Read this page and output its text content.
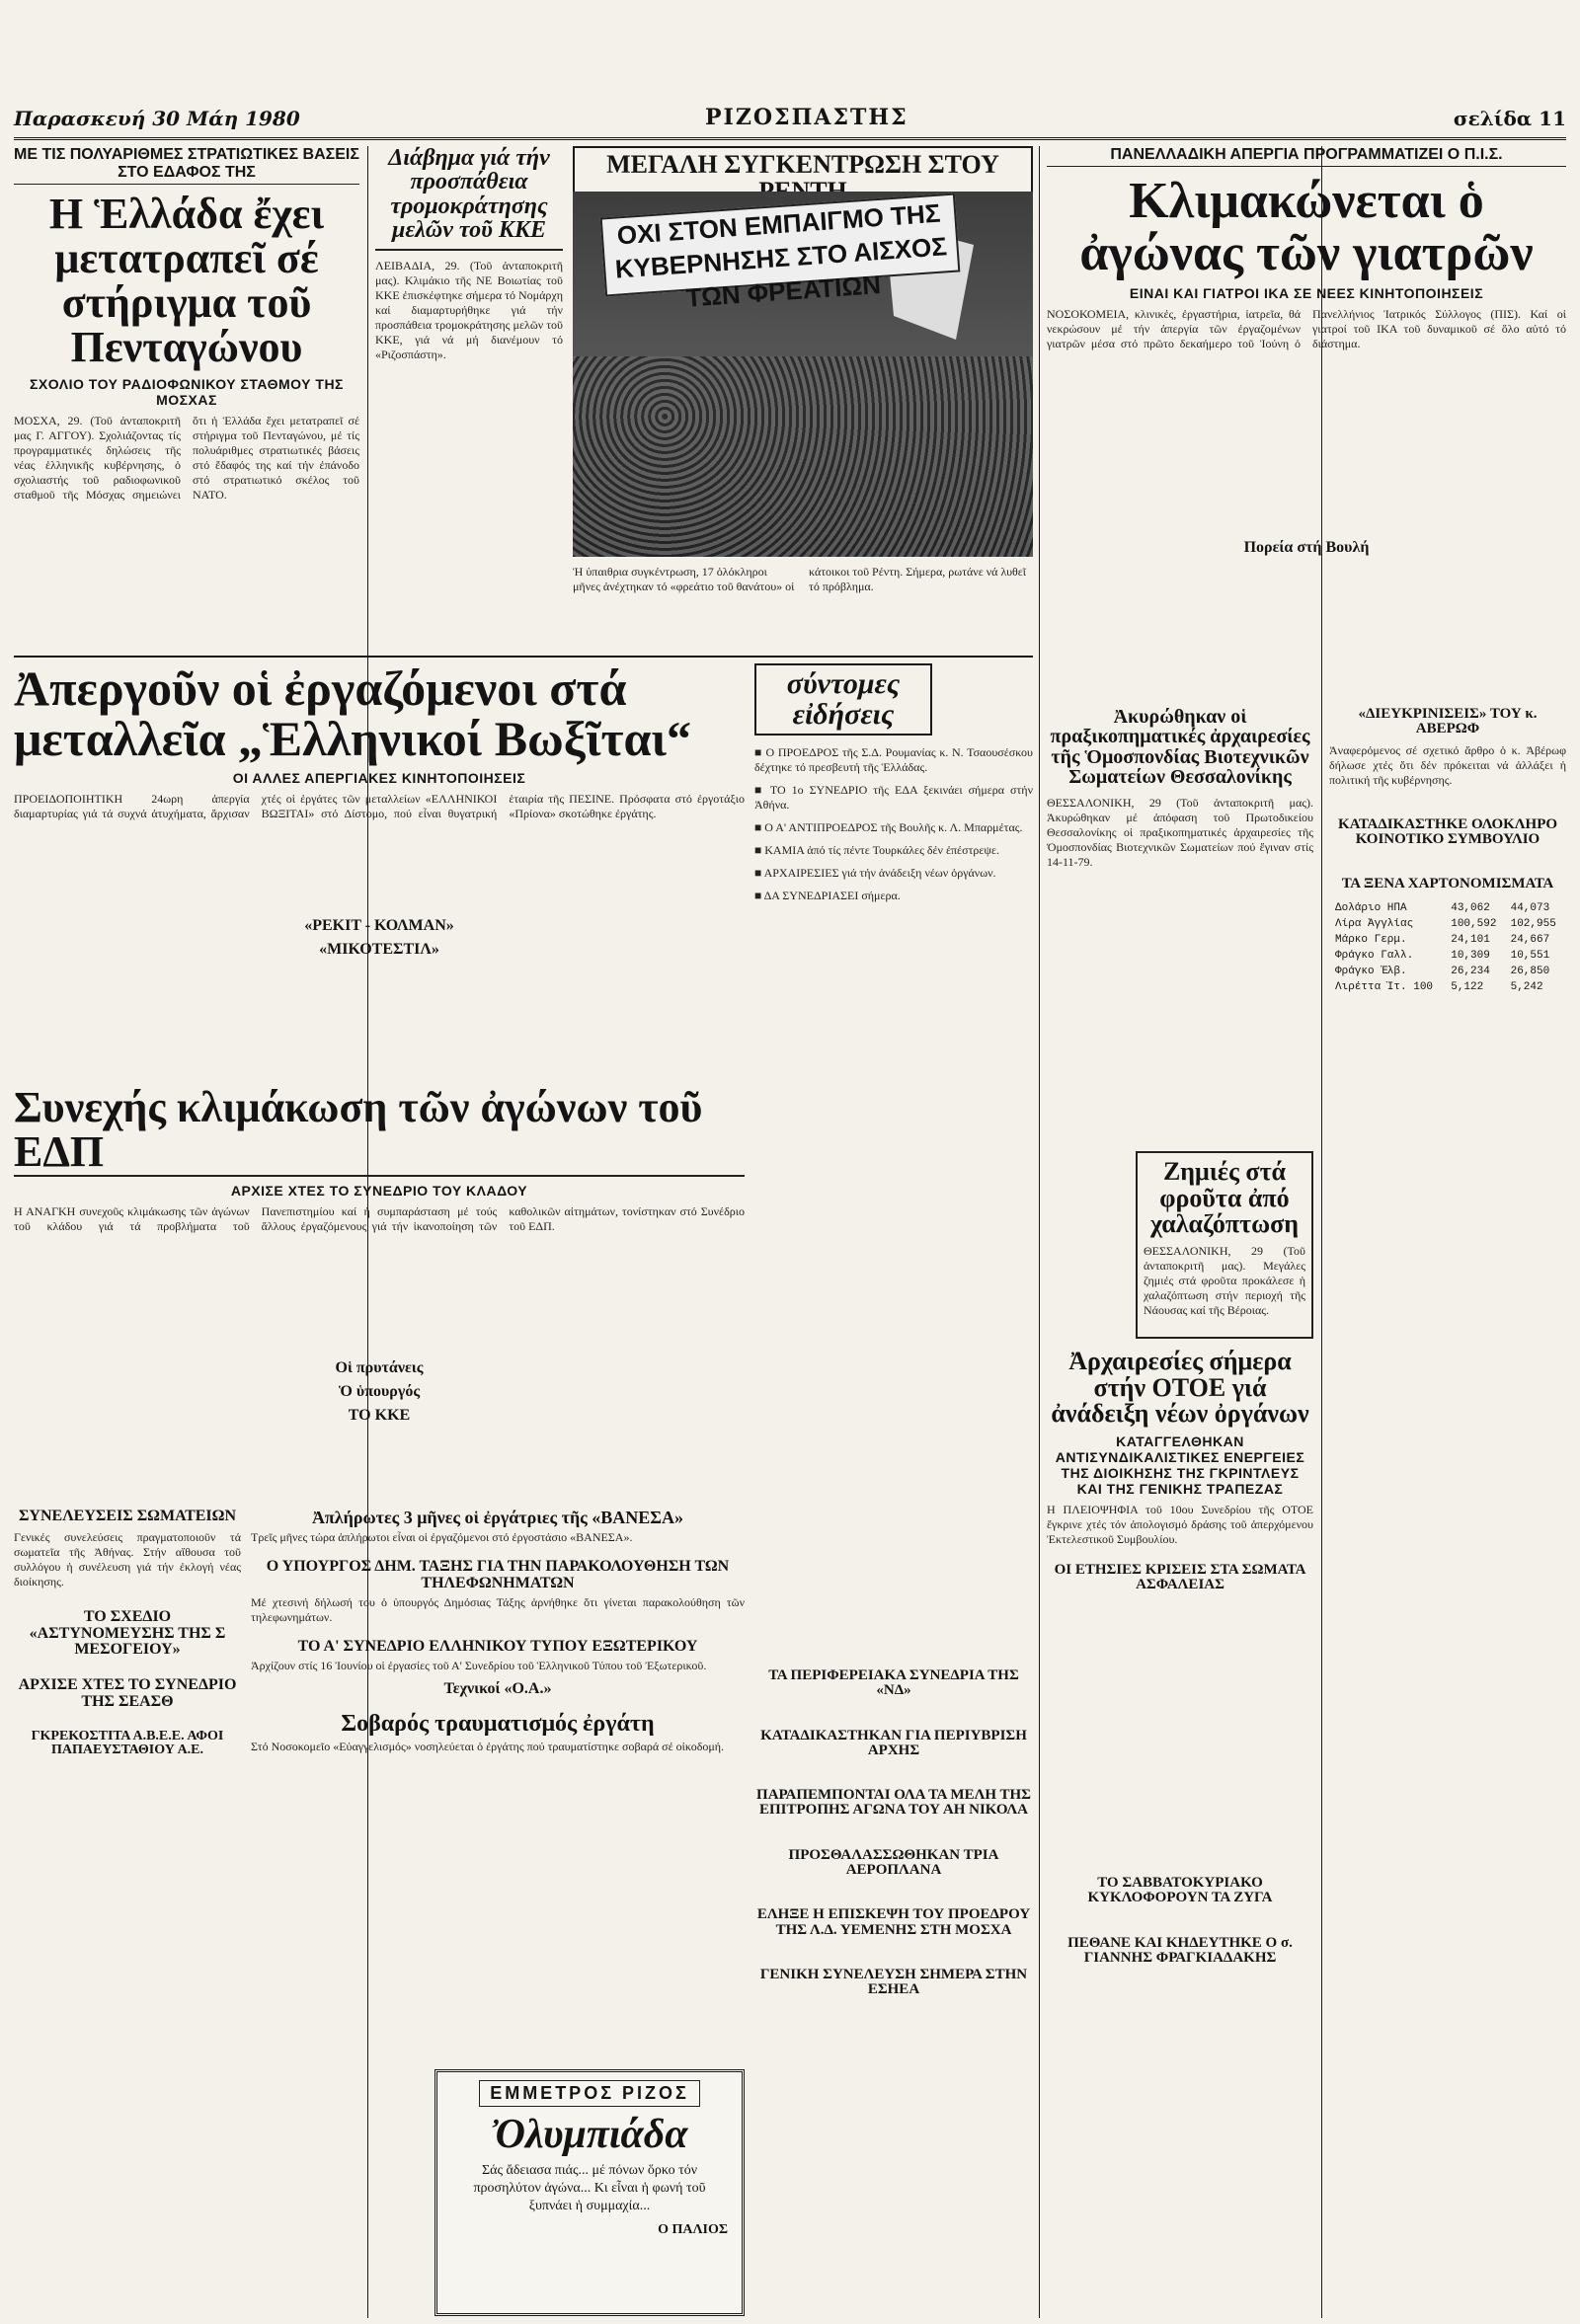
Παρασκευή 30 Μάη 1980	ΡΙΖΟΣΠΑΣΤΗΣ	σελίδα 11
ΜΕ ΤΙΣ ΠΟΛΥΑΡΙΘΜΕΣ ΣΤΡΑΤΙΩΤΙΚΕΣ ΒΑΣΕΙΣ ΣΤΟ ΕΔΑΦΟΣ ΤΗΣ
Η Ἑλλάδα ἔχει μετατραπεῖ σέ στήριγμα τοῦ Πενταγώνου
ΣΧΟΛΙΟ ΤΟΥ ΡΑΔΙΟΦΩΝΙΚΟΥ ΣΤΑΘΜΟΥ ΤΗΣ ΜΟΣΧΑΣ
ΜΟΣΧΑ, 29. (Τοῦ ἀνταποκριτῆ μας Γ. ΑΓΓΟΥ). Σχολιάζοντας τίς προγραμματικές δηλώσεις τῆς νέας ἑλληνικῆς κυβέρνησης, ὁ σχολιαστής τοῦ ραδιοφωνικοῦ σταθμοῦ τῆς Μόσχας σημειώνει ὅτι ἡ Ἑλλάδα ἔχει μετατραπεῖ σέ στήριγμα τοῦ Πενταγώνου, μέ τίς πολυάριθμες στρατιωτικές βάσεις στό ἔδαφός της καί τήν ἐπάνοδο στό στρατιωτικό σκέλος τοῦ ΝΑΤΟ.
Διάβημα γιά τήν προσπάθεια τρομοκράτησης μελῶν τοῦ ΚΚΕ
ΛΕΙΒΑΔΙΑ, 29. (Τοῦ ἀνταποκριτῆ μας). Κλιμάκιο τῆς ΝΕ Βοιωτίας τοῦ ΚΚΕ ἐπισκέφτηκε σήμερα τό Νομάρχη καί διαμαρτυρήθηκε γιά τήν προσπάθεια τρομοκράτησης μελῶν τοῦ ΚΚΕ, γιά νά μή διανέμουν τό «Ριζοσπάστη».
ΜΕΓΑΛΗ ΣΥΓΚΕΝΤΡΩΣΗ ΣΤΟΥ
ΟΧΙ ΣΤΟΝ ΕΜΠΑΙΓΜΟ ΤΗΣ ΚΥΒΕΡΝΗΣΗΣ ΣΤΟ ΑΙΣΧΟΣ ΤΩΝ ΦΡΕΑΤΙΩΝ
Ἡ ὑπαιθρια συγκέντρωση, 17 ὁλόκληροι μῆνες ἀνέχτηκαν τό «φρεάτιο τοῦ θανάτου» οἱ κάτοικοι τοῦ Ρέντη. Σήμερα, ρωτάνε νά λυθεῖ τό πρόβλημα.
ΠΑΝΕΛΛΑΔΙΚΗ ΑΠΕΡΓΙΑ ΠΡΟΓΡΑΜΜΑΤΙΖΕΙ Ο Π.Ι.Σ.
Κλιμακώνεται ὁ ἀγώνας τῶν γιατρῶν
ΕΙΝΑΙ ΚΑΙ ΓΙΑΤΡΟΙ ΙΚΑ ΣΕ ΝΕΕΣ ΚΙΝΗΤΟΠΟΙΗΣΕΙΣ
ΝΟΣΟΚΟΜΕΙΑ, κλινικές, ἐργαστήρια, ἰατρεῖα, θά νεκρώσουν μέ τήν ἀπεργία τῶν ἐργαζομένων γιατρῶν μέσα στό πρῶτο δεκαήμερο τοῦ Ἰούνη ὁ Πανελλήνιος Ἰατρικός Σύλλογος (ΠΙΣ). Καί οἱ γιατροί τοῦ ΙΚΑ τοῦ δυναμικοῦ σέ ὅλο αὐτό τό διάστημα.
Πορεία στή Βουλή
Ἀπεργοῦν οἱ ἐργαζόμενοι στά μεταλλεῖα „Ἑλληνικοί Βωξῖται“
ΟΙ ΑΛΛΕΣ ΑΠΕΡΓΙΑΚΕΣ ΚΙΝΗΤΟΠΟΙΗΣΕΙΣ
ΠΡΟΕΙΔΟΠΟΙΗΤΙΚΗ 24ωρη ἀπεργία διαμαρτυρίας γιά τά συχνά ἀτυχήματα, ἄρχισαν χτές οἱ ἐργάτες τῶν μεταλλείων «ΕΛΛΗΝΙΚΟΙ ΒΩΞΙΤΑΙ» στό Δίστομο, πού εἶναι θυγατρική ἑταιρία τῆς ΠΕΣΙΝΕ. Πρόσφατα στό ἐργοτάξιο «Πρίονα» σκοτώθηκε ἐργάτης.
«ΡΕΚΙΤ - ΚΟΛΜΑΝ»
«ΜΙΚΟΤΕΣΤΙΛ»
σύντομες εἰδήσεις
■ Ο ΠΡΟΕΔΡΟΣ τῆς Σ.Δ. Ρουμανίας κ. Ν. Τσαουσέσκου δέχτηκε τό πρεσβευτή τῆς Ἑλλάδας.
■ ΤΟ 1ο ΣΥΝΕΔΡΙΟ τῆς ΕΔΑ ξεκινάει σήμερα στήν Ἀθήνα.
■ Ο Α' ΑΝΤΙΠΡΟΕΔΡΟΣ τῆς Βουλῆς κ. Λ. Μπαρμέτας.
■ ΚΑΜΙΑ ἀπό τίς πέντε Τουρκάλες δέν ἐπέστρεψε.
■ ΑΡΧΑΙΡΕΣΙΕΣ γιά τήν ἀνάδειξη νέων ὀργάνων.
■ ΔΑ ΣΥΝΕΔΡΙΑΣΕΙ σήμερα.
Ἀκυρώθηκαν οἱ πραξικοπηματικές ἀρχαιρεσίες τῆς Ὁμοσπονδίας Βιοτεχνικῶν Σωματείων Θεσσαλονίκης
ΘΕΣΣΑΛΟΝΙΚΗ, 29 (Τοῦ ἀνταποκριτῆ μας). Ἀκυρώθηκαν μέ ἀπόφαση τοῦ Πρωτοδικείου Θεσσαλονίκης οἱ πραξικοπηματικές ἀρχαιρεσίες τῆς Ὁμοσπονδίας Βιοτεχνικῶν Σωματείων πού ἔγιναν στίς 14-11-79.
Ζημιές στά φροῦτα ἀπό χαλαζόπτωση
ΘΕΣΣΑΛΟΝΙΚΗ, 29 (Τοῦ ἀνταποκριτῆ μας). Μεγάλες ζημιές στά φροῦτα προκάλεσε ἡ χαλαζόπτωση στήν περιοχή τῆς Νάουσας καί τῆς Βέροιας.
Συνεχής κλιμάκωση τῶν ἀγώνων τοῦ ΕΔΠ
ΑΡΧΙΣΕ ΧΤΕΣ ΤΟ ΣΥΝΕΔΡΙΟ ΤΟΥ ΚΛΑΔΟΥ
Η ΑΝΑΓΚΗ συνεχοῦς κλιμάκωσης τῶν ἀγώνων τοῦ κλάδου γιά τά προβλήματα τοῦ Πανεπιστημίου καί ἡ συμπαράσταση μέ τούς ἄλλους ἐργαζόμενους γιά τήν ἱκανοποίηση τῶν καθολικῶν αἰτημάτων, τονίστηκαν στό Συνέδριο τοῦ ΕΔΠ.
Οἱ πρυτάνεις
Ὁ ὑπουργός
ΤΟ ΚΚΕ
ΣΥΝΕΛΕΥΣΕΙΣ ΣΩΜΑΤΕΙΩΝ
Γενικές συνελεύσεις πραγματοποιοῦν τά σωματεῖα τῆς Ἀθήνας. Στήν αἴθουσα τοῦ συλλόγου ἡ συνέλευση γιά τήν ἐκλογή νέας διοίκησης.
ΤΟ ΣΧΕΔΙΟ «ΑΣΤΥΝΟΜΕΥΣΗΣ ΤΗΣ Σ ΜΕΣΟΓΕΙΟΥ»
ΑΡΧΙΣΕ ΧΤΕΣ ΤΟ ΣΥΝΕΔΡΙΟ ΤΗΣ ΣΕΑΣΘ
ΓΚΡΕΚΟΣΤΙΤΑ Α.Β.Ε.Ε. ΑΦΟΙ ΠΑΠΑΕΥΣΤΑΘΙΟΥ Α.Ε.
Ἀπλήρωτες 3 μῆνες οἱ ἐργάτριες τῆς «ΒΑΝΕΣΑ»
Τρεῖς μῆνες τώρα ἀπλήρωτοι εἶναι οἱ ἐργαζόμενοι στό ἐργοστάσιο «ΒΑΝΕΣΑ».
Ο ΥΠΟΥΡΓΟΣ ΔΗΜ. ΤΑΞΗΣ ΓΙΑ ΤΗΝ ΠΑΡΑΚΟΛΟΥΘΗΣΗ ΤΩΝ ΤΗΛΕΦΩΝΗΜΑΤΩΝ
Μέ χτεσινή δήλωσή του ὁ ὑπουργός Δημόσιας Τάξης ἀρνήθηκε ὅτι γίνεται παρακολούθηση τῶν τηλεφωνημάτων.
ΤΟ Α' ΣΥΝΕΔΡΙΟ ΕΛΛΗΝΙΚΟΥ ΤΥΠΟΥ ΕΞΩΤΕΡΙΚΟΥ
Ἀρχίζουν στίς 16 Ἰουνίου οἱ ἐργασίες τοῦ Α' Συνεδρίου τοῦ Ἑλληνικοῦ Τύπου τοῦ Ἐξωτερικοῦ.
Τεχνικοί «Ο.Α.»
Σοβαρός τραυματισμός ἐργάτη
Στό Νοσοκομεῖο «Εὐαγγελισμός» νοσηλεύεται ὁ ἐργάτης πού τραυματίστηκε σοβαρά σέ οἰκοδομή.
ΕΜΜΕΤΡΟΣ ΡΙΖΟΣ
Ὀλυμπιάδα
Σάς ἄδειασα πιάς... μέ πόνων ὅρκο τόν προσηλύτον ἀγώνα... Κι εἶναι ἡ φωνή τοῦ ξυπνάει ἡ συμμαχία...
Ο ΠΑΛΙΟΣ
ΤΑ ΠΕΡΙΦΕΡΕΙΑΚΑ ΣΥΝΕΔΡΙΑ ΤΗΣ «ΝΔ»
ΚΑΤΑΔΙΚΑΣΤΗΚΑΝ ΓΙΑ ΠΕΡΙΥΒΡΙΣΗ ΑΡΧΗΣ
ΠΑΡΑΠΕΜΠΟΝΤΑΙ ΟΛΑ ΤΑ ΜΕΛΗ ΤΗΣ ΕΠΙΤΡΟΠΗΣ ΑΓΩΝΑ ΤΟΥ ΑΗ ΝΙΚΟΛΑ
ΠΡΟΣΘΑΛΑΣΣΩΘΗΚΑΝ ΤΡΙΑ ΑΕΡΟΠΛΑΝΑ
ΕΛΗΞΕ Η ΕΠΙΣΚΕΨΗ ΤΟΥ ΠΡΟΕΔΡΟΥ ΤΗΣ Λ.Δ. ΥΕΜΕΝΗΣ ΣΤΗ ΜΟΣΧΑ
ΓΕΝΙΚΗ ΣΥΝΕΛΕΥΣΗ ΣΗΜΕΡΑ ΣΤΗΝ ΕΣΗΕΑ
Ἀρχαιρεσίες σήμερα στήν ΟΤΟΕ γιά ἀνάδειξη νέων ὀργάνων
ΚΑΤΑΓΓΕΛΘΗΚΑΝ ΑΝΤΙΣΥΝΔΙΚΑΛΙΣΤΙΚΕΣ ΕΝΕΡΓΕΙΕΣ ΤΗΣ ΔΙΟΙΚΗΣΗΣ ΤΗΣ ΓΚΡΙΝΤΛΕΥΣ ΚΑΙ ΤΗΣ ΓΕΝΙΚΗΣ ΤΡΑΠΕΖΑΣ
Η ΠΛΕΙΟΨΗΦΙΑ τοῦ 10ου Συνεδρίου τῆς ΟΤΟΕ ἔγκρινε χτές τόν ἀπολογισμό δράσης τοῦ ἀπερχόμενου Ἐκτελεστικοῦ Συμβουλίου.
ΟΙ ΕΤΗΣΙΕΣ ΚΡΙΣΕΙΣ ΣΤΑ ΣΩΜΑΤΑ ΑΣΦΑΛΕΙΑΣ
ΤΟ ΣΑΒΒΑΤΟΚΥΡΙΑΚΟ ΚΥΚΛΟΦΟΡΟΥΝ ΤΑ ΖΥΓΑ
ΠΕΘΑΝΕ ΚΑΙ ΚΗΔΕΥΤΗΚΕ Ο σ. ΓΙΑΝΝΗΣ ΦΡΑΓΚΙΑΔΑΚΗΣ
«ΔΙΕΥΚΡΙΝΙΣΕΙΣ» ΤΟΥ κ. ΑΒΕΡΩΦ
Ἀναφερόμενος σέ σχετικό ἄρθρο ὁ κ. Ἀβέρωφ δήλωσε χτές ὅτι δέν πρόκειται νά ἀλλάξει ἡ πολιτική τῆς κυβέρνησης.
ΚΑΤΑΔΙΚΑΣΤΗΚΕ ΟΛΟΚΛΗΡΟ ΚΟΙΝΟΤΙΚΟ ΣΥΜΒΟΥΛΙΟ
ΤΑ ΞΕΝΑ ΧΑΡΤΟΝΟΜΙΣΜΑΤΑ
Δολάριο ΗΠΑ	43,062	44,073
Λίρα Ἀγγλίας	100,592	102,955
Μάρκο Γερμ.	24,101	24,667
Φράγκο Γαλλ.	10,309	10,551
Φράγκο Ἑλβ.	26,234	26,850
Λιρέττα Ἰτ. 100	5,122	5,242
